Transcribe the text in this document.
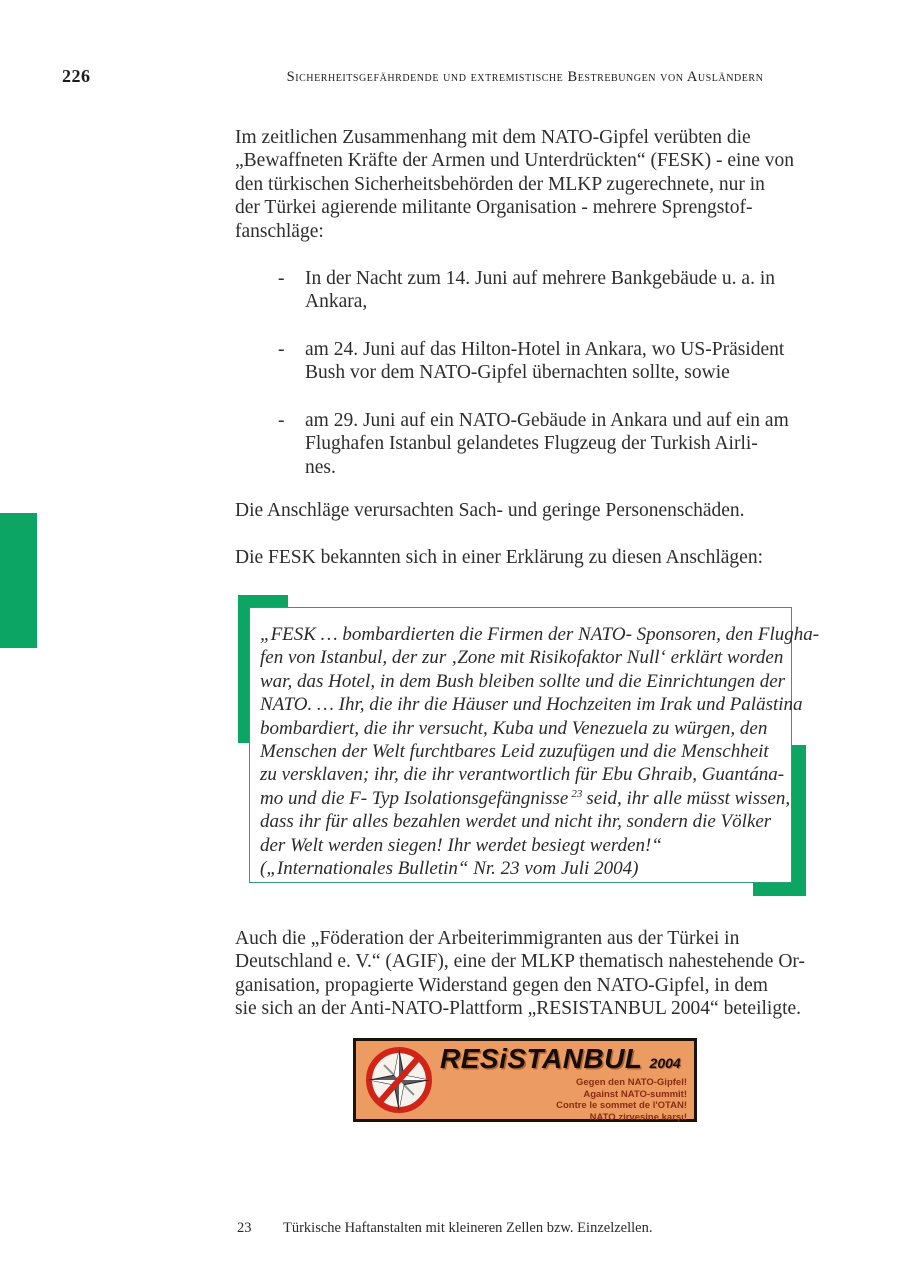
226	Sicherheitsgefährdende und extremistische Bestrebungen von Ausländern
Im zeitlichen Zusammenhang mit dem NATO-Gipfel verübten die
„Bewaffneten Kräfte der Armen und Unterdrückten“ (FESK) - eine von
den türkischen Sicherheitsbehörden der MLKP zugerechnete, nur in
der Türkei agierende militante Organisation - mehrere Sprengstof-
fanschläge:
-	In der Nacht zum 14. Juni auf mehrere Bankgebäude u. a. in
Ankara,
-	am 24. Juni auf das Hilton-Hotel in Ankara, wo US-Präsident
Bush vor dem NATO-Gipfel übernachten sollte, sowie
-	am 29. Juni auf ein NATO-Gebäude in Ankara und auf ein am
Flughafen Istanbul gelandetes Flugzeug der Turkish Airli-
nes.
Die Anschläge verursachten Sach- und geringe Personenschäden.
Die FESK bekannten sich in einer Erklärung zu diesen Anschlägen:
„FESK … bombardierten die Firmen der NATO- Sponsoren, den Flugha-
fen von Istanbul, der zur ‚Zone mit Risikofaktor Null‘ erklärt worden
war, das Hotel, in dem Bush bleiben sollte und die Einrichtungen der
NATO. … Ihr, die ihr die Häuser und Hochzeiten im Irak und Palästina
bombardiert, die ihr versucht, Kuba und Venezuela zu würgen, den
Menschen der Welt furchtbares Leid zuzufügen und die Menschheit
zu versklaven; ihr, die ihr verantwortlich für Ebu Ghraib, Guantána-
mo und die F- Typ Isolationsgefängnisse $^{23}$ seid, ihr alle müsst wissen,
dass ihr für alles bezahlen werdet und nicht ihr, sondern die Völker
der Welt werden siegen! Ihr werdet besiegt werden!“
(„Internationales Bulletin“ Nr. 23 vom Juli 2004)
Auch die „Föderation der Arbeiterimmigranten aus der Türkei in
Deutschland e. V.“ (AGIF), eine der MLKP thematisch nahestehende Or-
ganisation, propagierte Widerstand gegen den NATO-Gipfel, in dem
sie sich an der Anti-NATO-Plattform „RESISTANBUL 2004“ beteiligte.
RESiSTANBUL 2004
Gegen den NATO-Gipfel!
Against NATO-summit!
Contre le sommet de l'OTAN!
NATO zirvesine karşı!
23	Türkische Haftanstalten mit kleineren Zellen bzw. Einzelzellen.
